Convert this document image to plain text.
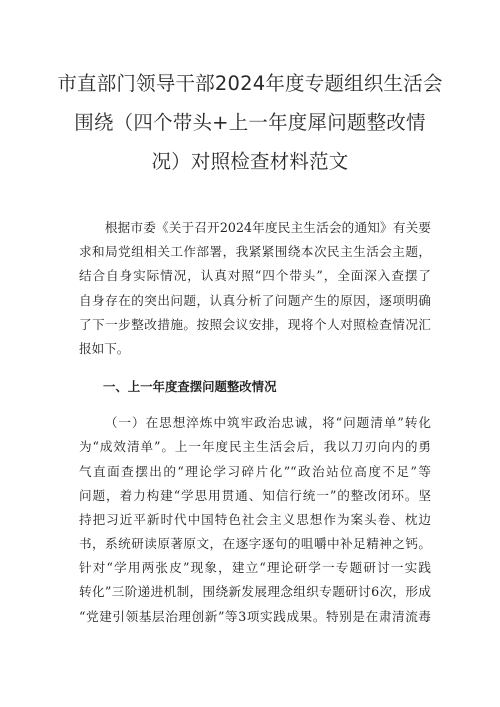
市直部门领导干部2024年度专题组织生活会
围绕（四个带头+上一年度犀问题整改情
况）对照检查材料范文
根据市委《关于召开2024年度民主生活会的通知》有关要
求和局党组相关工作部署，我紧紧围绕本次民主生活会主题，
结合自身实际情况，认真对照“四个带头”，全面深入查摆了
自身存在的突出问题，认真分析了问题产生的原因，逐项明确
了下一步整改措施。按照会议安排，现将个人对照检查情况汇
报如下。
一、上一年度查摆问题整改情况
（一）在思想淬炼中筑牢政治忠诚，将“问题清单”转化
为“成效清单”。上一年度民主生活会后，我以刀刃向内的勇
气直面查摆出的“理论学习碎片化”“政治站位高度不足”等
问题，着力构建“学思用贯通、知信行统一”的整改闭环。坚
持把习近平新时代中国特色社会主义思想作为案头卷、枕边
书，系统研读原著原文，在逐字逐句的咀嚼中补足精神之钙。
针对“学用两张皮”现象，建立“理论研学一专题研讨一实践
转化”三阶递进机制，围绕新发展理念组织专题研讨6次，形成
“党建引领基层治理创新”等3项实践成果。特别是在肃清流毒
